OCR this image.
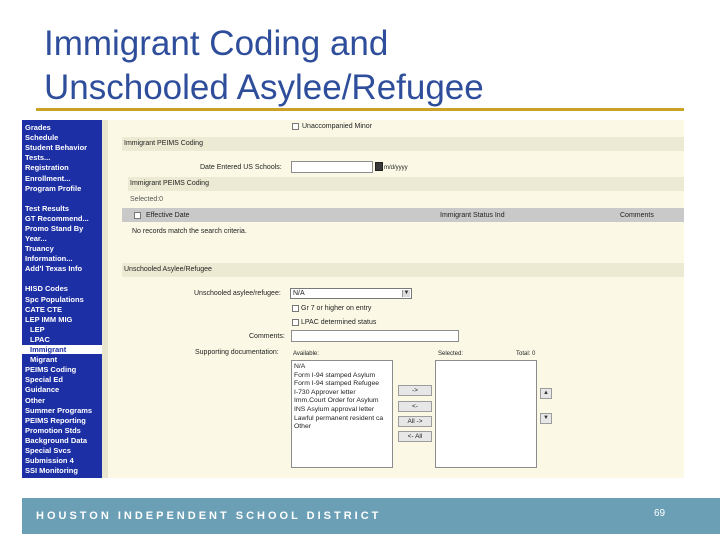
Immigrant Coding and
Unschooled Asylee/Refugee
Grades
Schedule
Student Behavior
Tests...
Registration
Enrollment...
Program Profile
Test Results
GT Recommend...
Promo Stand By
Year...
Truancy
Information...
Add'l Texas Info
HISD Codes
Spc Populations
CATE CTE
LEP IMM MIG
LEP
LPAC
Immigrant
Migrant
PEIMS Coding
Special Ed
Guidance
Other
Summer Programs
PEIMS Reporting
Promotion Stds
Background Data
Special Svcs
Submission 4
SSI Monitoring
Unaccompanied Minor
Immigrant PEIMS Coding
Date Entered US Schools:	m/d/yyyy
Immigrant PEIMS Coding
Selected:0
Effective Date	Immigrant Status Ind	Comments
No records match the search criteria.
Unschooled Asylee/Refugee
Unschooled asylee/refugee:	N/A	▼
Gr 7 or higher on entry
LPAC determined status
Comments:
Supporting documentation: Available:	Selected:	Total: 0
N/A
Form I-94 stamped Asylum
Form I-94 stamped Refugee
I-730 Approver letter
Imm.Court Order for Asylum
INS Asylum approval letter
Lawful permanent resident ca
Other
->
<-
All ->
<- All
▲
▼
HOUSTON INDEPENDENT SCHOOL DISTRICT	69
